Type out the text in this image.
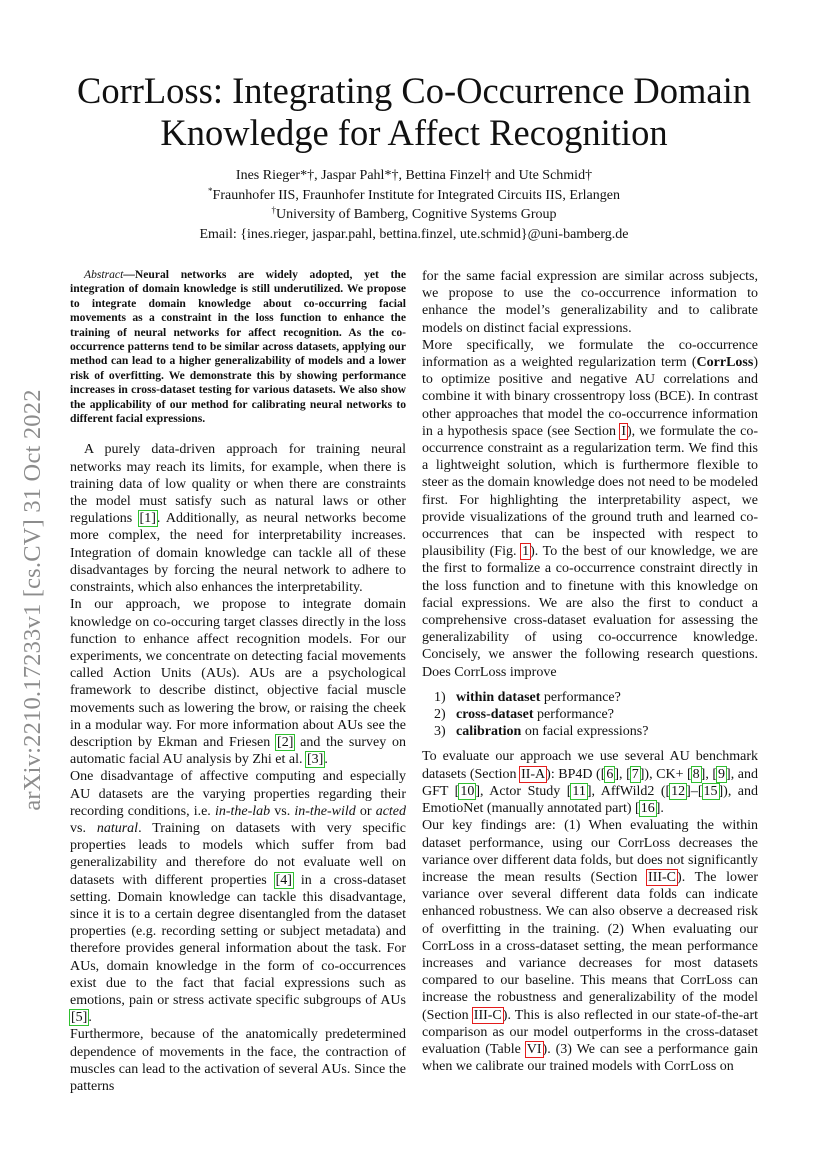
arXiv:2210.17233v1 [cs.CV] 31 Oct 2022
CorrLoss: Integrating Co-Occurrence Domain Knowledge for Affect Recognition
Ines Rieger*†, Jaspar Pahl*†, Bettina Finzel† and Ute Schmid†
*Fraunhofer IIS, Fraunhofer Institute for Integrated Circuits IIS, Erlangen
†University of Bamberg, Cognitive Systems Group
Email: {ines.rieger, jaspar.pahl, bettina.finzel, ute.schmid}@uni-bamberg.de

Abstract—Neural networks are widely adopted, yet the integration of domain knowledge is still underutilized. We propose to integrate domain knowledge about co-occurring facial movements as a constraint in the loss function to enhance the training of neural networks for affect recognition. As the co-occurrence patterns tend to be similar across datasets, applying our method can lead to a higher generalizability of models and a lower risk of overfitting. We demonstrate this by showing performance increases in cross-dataset testing for various datasets. We also show the applicability of our method for calibrating neural networks to different facial expressions.

A purely data-driven approach for training neural networks may reach its limits, for example, when there is training data of low quality or when there are constraints the model must satisfy such as natural laws or other regulations [1]. Additionally, as neural networks become more complex, the need for interpretability increases. Integration of domain knowledge can tackle all of these disadvantages by forcing the neural network to adhere to constraints, which also enhances the interpretability.

In our approach, we propose to integrate domain knowledge on co-occuring target classes directly in the loss function to enhance affect recognition models. For our experiments, we concentrate on detecting facial movements called Action Units (AUs). AUs are a psychological framework to describe distinct, objective facial muscle movements such as lowering the brow, or raising the cheek in a modular way. For more information about AUs see the description by Ekman and Friesen [2] and the survey on automatic facial AU analysis by Zhi et al. [3].

One disadvantage of affective computing and especially AU datasets are the varying properties regarding their recording conditions, i.e. in-the-lab vs. in-the-wild or acted vs. natural. Training on datasets with very specific properties leads to models which suffer from bad generalizability and therefore do not evaluate well on datasets with different properties [4] in a cross-dataset setting. Domain knowledge can tackle this disadvantage, since it is to a certain degree disentangled from the dataset properties (e.g. recording setting or subject metadata) and therefore provides general information about the task. For AUs, domain knowledge in the form of co-occurrences exist due to the fact that facial expressions such as emotions, pain or stress activate specific subgroups of AUs [5].

Furthermore, because of the anatomically predetermined dependence of movements in the face, the contraction of muscles can lead to the activation of several AUs. Since the patterns

for the same facial expression are similar across subjects, we propose to use the co-occurrence information to enhance the model’s generalizability and to calibrate models on distinct facial expressions.

More specifically, we formulate the co-occurrence information as a weighted regularization term (CorrLoss) to optimize positive and negative AU correlations and combine it with binary crossentropy loss (BCE). In contrast other approaches that model the co-occurrence information in a hypothesis space (see Section I), we formulate the co-occurrence constraint as a regularization term. We find this a lightweight solution, which is furthermore flexible to steer as the domain knowledge does not need to be modeled first. For highlighting the interpretability aspect, we provide visualizations of the ground truth and learned co-occurrences that can be inspected with respect to plausibility (Fig. 1). To the best of our knowledge, we are the first to formalize a co-occurrence constraint directly in the loss function and to finetune with this knowledge on facial expressions. We are also the first to conduct a comprehensive cross-dataset evaluation for assessing the generalizability of using co-occurrence knowledge. Concisely, we answer the following research questions. Does CorrLoss improve

1) within dataset performance?
2) cross-dataset performance?
3) calibration on facial expressions?

To evaluate our approach we use several AU benchmark datasets (Section II-A): BP4D ([6], [7]), CK+ [8], [9], and GFT [10], Actor Study [11], AffWild2 ([12]–[15]), and EmotioNet (manually annotated part) [16].

Our key findings are: (1) When evaluating the within dataset performance, using our CorrLoss decreases the variance over different data folds, but does not significantly increase the mean results (Section III-C). The lower variance over several different data folds can indicate enhanced robustness. We can also observe a decreased risk of overfitting in the training. (2) When evaluating our CorrLoss in a cross-dataset setting, the mean performance increases and variance decreases for most datasets compared to our baseline. This means that CorrLoss can increase the robustness and generalizability of the model (Section III-C). This is also reflected in our state-of-the-art comparison as our model outperforms in the cross-dataset evaluation (Table VI). (3) We can see a performance gain when we calibrate our trained models with CorrLoss on
